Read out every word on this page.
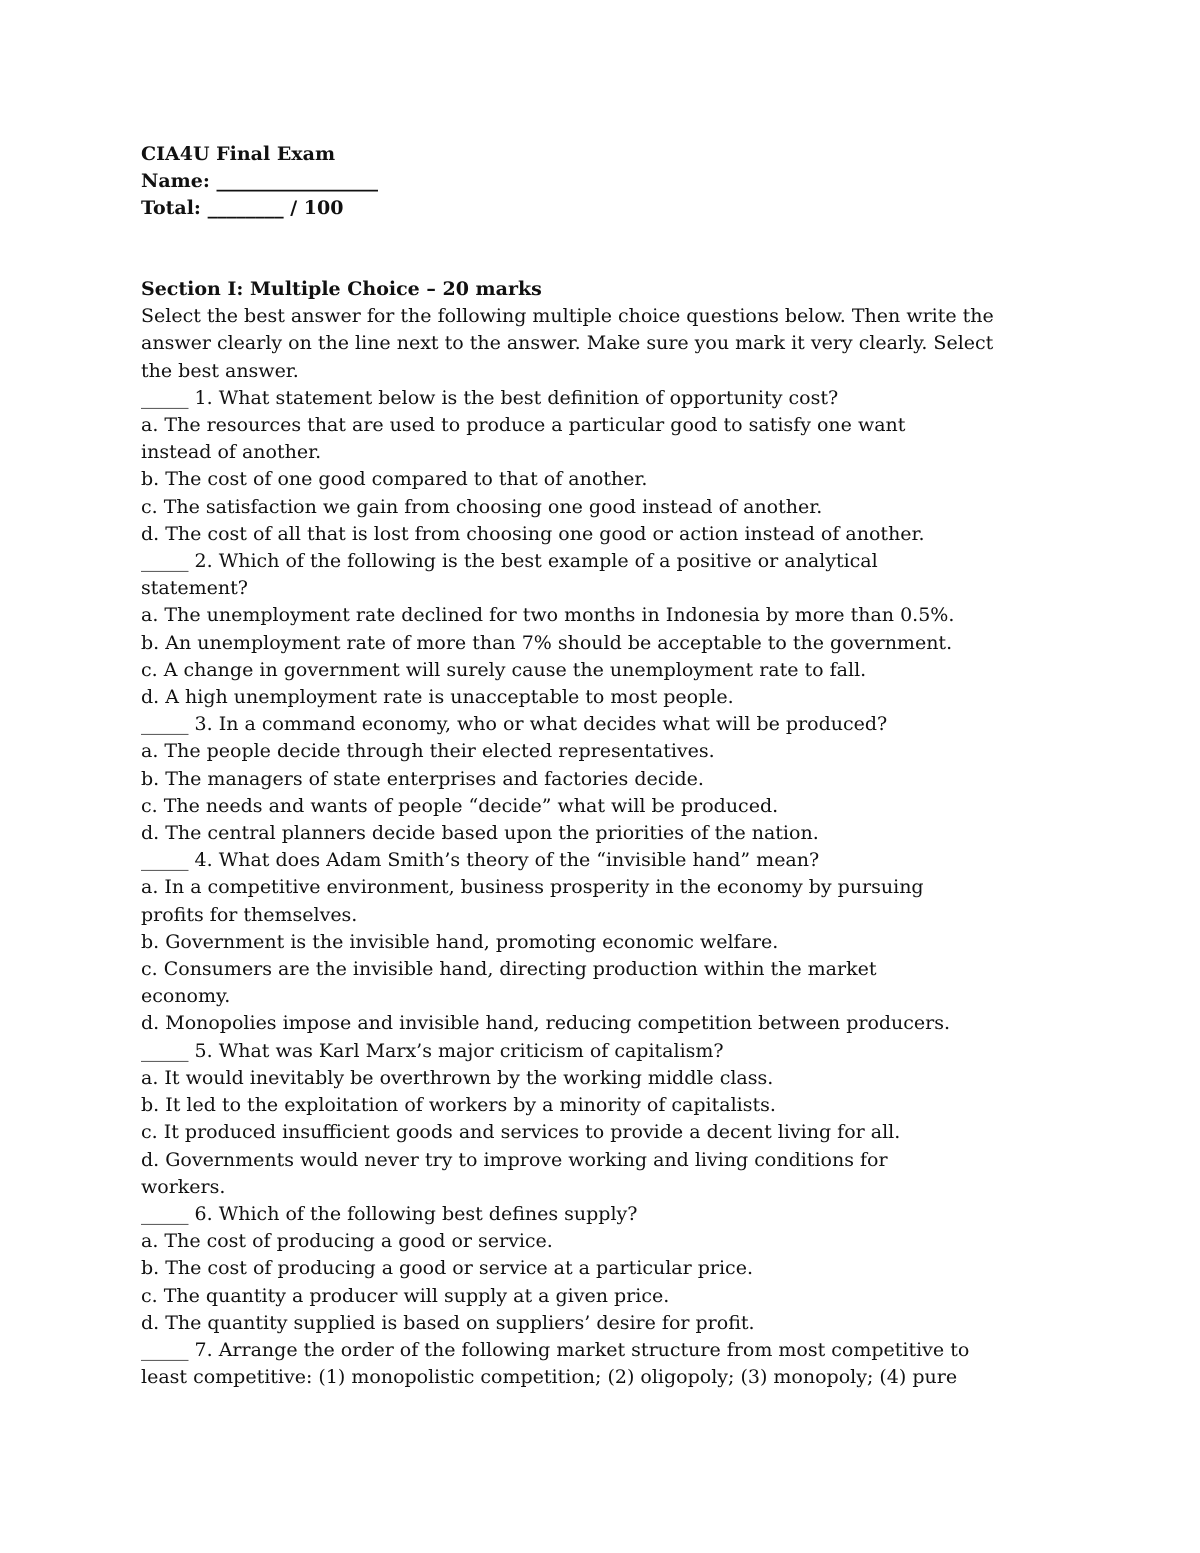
CIA4U Final Exam
Name: _________________
Total: ________ / 100
Section I: Multiple Choice – 20 marks
Select the best answer for the following multiple choice questions below. Then write the
answer clearly on the line next to the answer. Make sure you mark it very clearly. Select
the best answer.
_____ 1. What statement below is the best definition of opportunity cost?
a. The resources that are used to produce a particular good to satisfy one want
instead of another.
b. The cost of one good compared to that of another.
c. The satisfaction we gain from choosing one good instead of another.
d. The cost of all that is lost from choosing one good or action instead of another.
_____ 2. Which of the following is the best example of a positive or analytical
statement?
a. The unemployment rate declined for two months in Indonesia by more than 0.5%.
b. An unemployment rate of more than 7% should be acceptable to the government.
c. A change in government will surely cause the unemployment rate to fall.
d. A high unemployment rate is unacceptable to most people.
_____ 3. In a command economy, who or what decides what will be produced?
a. The people decide through their elected representatives.
b. The managers of state enterprises and factories decide.
c. The needs and wants of people “decide” what will be produced.
d. The central planners decide based upon the priorities of the nation.
_____ 4. What does Adam Smith’s theory of the “invisible hand” mean?
a. In a competitive environment, business prosperity in the economy by pursuing
profits for themselves.
b. Government is the invisible hand, promoting economic welfare.
c. Consumers are the invisible hand, directing production within the market
economy.
d. Monopolies impose and invisible hand, reducing competition between producers.
_____ 5. What was Karl Marx’s major criticism of capitalism?
a. It would inevitably be overthrown by the working middle class.
b. It led to the exploitation of workers by a minority of capitalists.
c. It produced insufficient goods and services to provide a decent living for all.
d. Governments would never try to improve working and living conditions for
workers.
_____ 6. Which of the following best defines supply?
a. The cost of producing a good or service.
b. The cost of producing a good or service at a particular price.
c. The quantity a producer will supply at a given price.
d. The quantity supplied is based on suppliers’ desire for profit.
_____ 7. Arrange the order of the following market structure from most competitive to
least competitive: (1) monopolistic competition; (2) oligopoly; (3) monopoly; (4) pure
